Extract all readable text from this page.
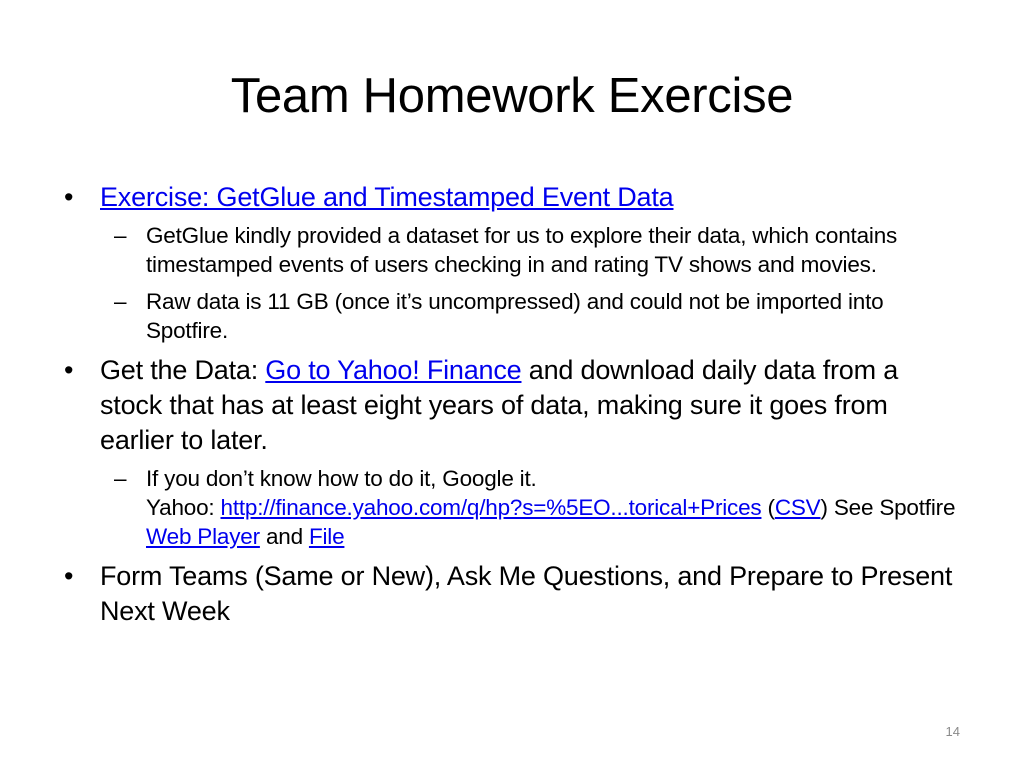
Team Homework Exercise
• Exercise: GetGlue and Timestamped Event Data
– GetGlue kindly provided a dataset for us to explore their data, which contains timestamped events of users checking in and rating TV shows and movies.
– Raw data is 11 GB (once it’s uncompressed) and could not be imported into Spotfire.
• Get the Data: Go to Yahoo! Finance and download daily data from a stock that has at least eight years of data, making sure it goes from earlier to later.
– If you don’t know how to do it, Google it.
Yahoo: http://finance.yahoo.com/q/hp?s=%5EO...torical+Prices (CSV) See Spotfire Web Player and File
• Form Teams (Same or New), Ask Me Questions, and Prepare to Present Next Week
14
